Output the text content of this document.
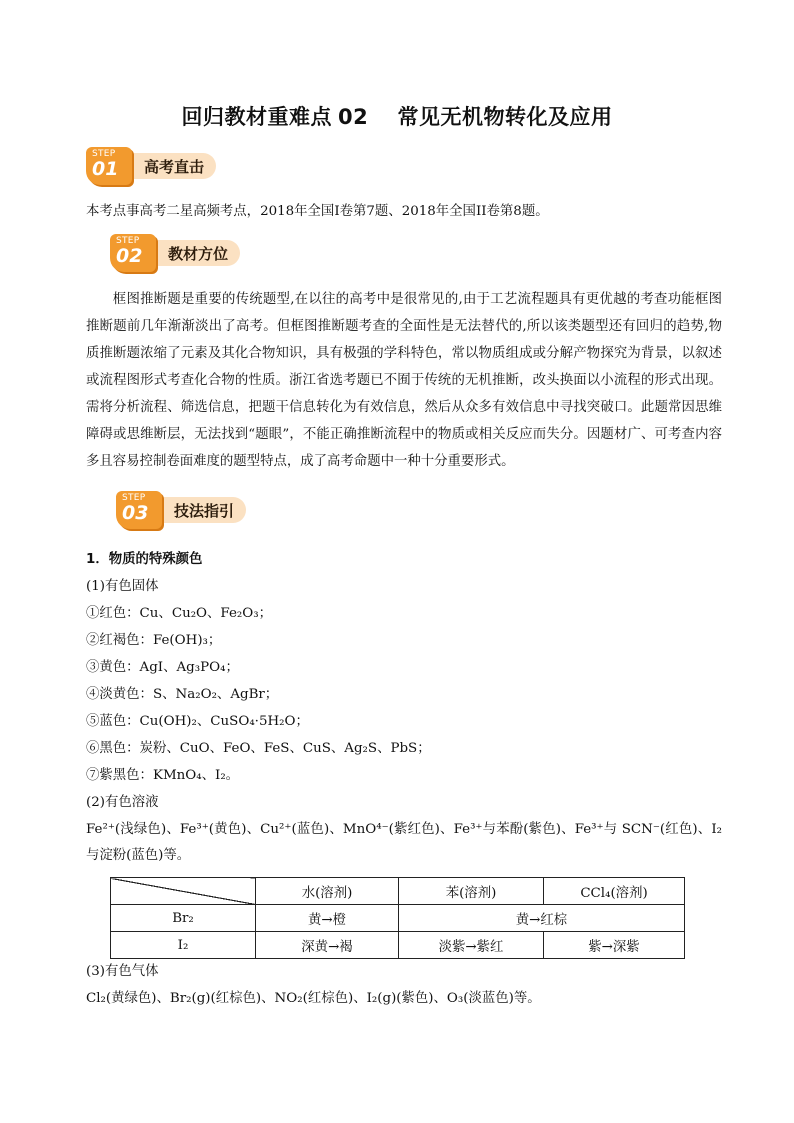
回归教材重难点 02   常见无机物转化及应用
STEP
01 高考直击
本考点事高考二星高频考点，2018年全国I卷第7题、2018年全国II卷第8题。
STEP
02 教材方位
框图推断题是重要的传统题型,在以往的高考中是很常见的,由于工艺流程题具有更优越的考查功能框图推断题前几年渐渐淡出了高考。但框图推断题考查的全面性是无法替代的,所以该类题型还有回归的趋势,物质推断题浓缩了元素及其化合物知识，具有极强的学科特色，常以物质组成或分解产物探究为背景，以叙述或流程图形式考查化合物的性质。浙江省选考题已不囿于传统的无机推断，改头换面以小流程的形式出现。需将分析流程、筛选信息，把题干信息转化为有效信息，然后从众多有效信息中寻找突破口。此题常因思维障碍或思维断层，无法找到“题眼”，不能正确推断流程中的物质或相关反应而失分。因题材广、可考查内容多且容易控制卷面难度的题型特点，成了高考命题中一种十分重要形式。
STEP
03 技法指引
1．物质的特殊颜色
(1)有色固体
①红色：Cu、Cu₂O、Fe₂O₃；
②红褐色：Fe(OH)₃；
③黄色：AgI、Ag₃PO₄；
④淡黄色：S、Na₂O₂、AgBr；
⑤蓝色：Cu(OH)₂、CuSO₄·5H₂O；
⑥黑色：炭粉、CuO、FeO、FeS、CuS、Ag₂S、PbS；
⑦紫黑色：KMnO₄、I₂。
(2)有色溶液
Fe²⁺(浅绿色)、Fe³⁺(黄色)、Cu²⁺(蓝色)、MnO⁴⁻(紫红色)、Fe³⁺与苯酚(紫色)、Fe³⁺与 SCN⁻(红色)、I₂与淀粉(蓝色)等。
	水(溶剂)	苯(溶剂)	CCl₄(溶剂)
Br₂	黄→橙	黄→红棕	
I₂	深黄→褐	淡紫→紫红	紫→深紫
(3)有色气体
Cl₂(黄绿色)、Br₂(g)(红棕色)、NO₂(红棕色)、I₂(g)(紫色)、O₃(淡蓝色)等。
